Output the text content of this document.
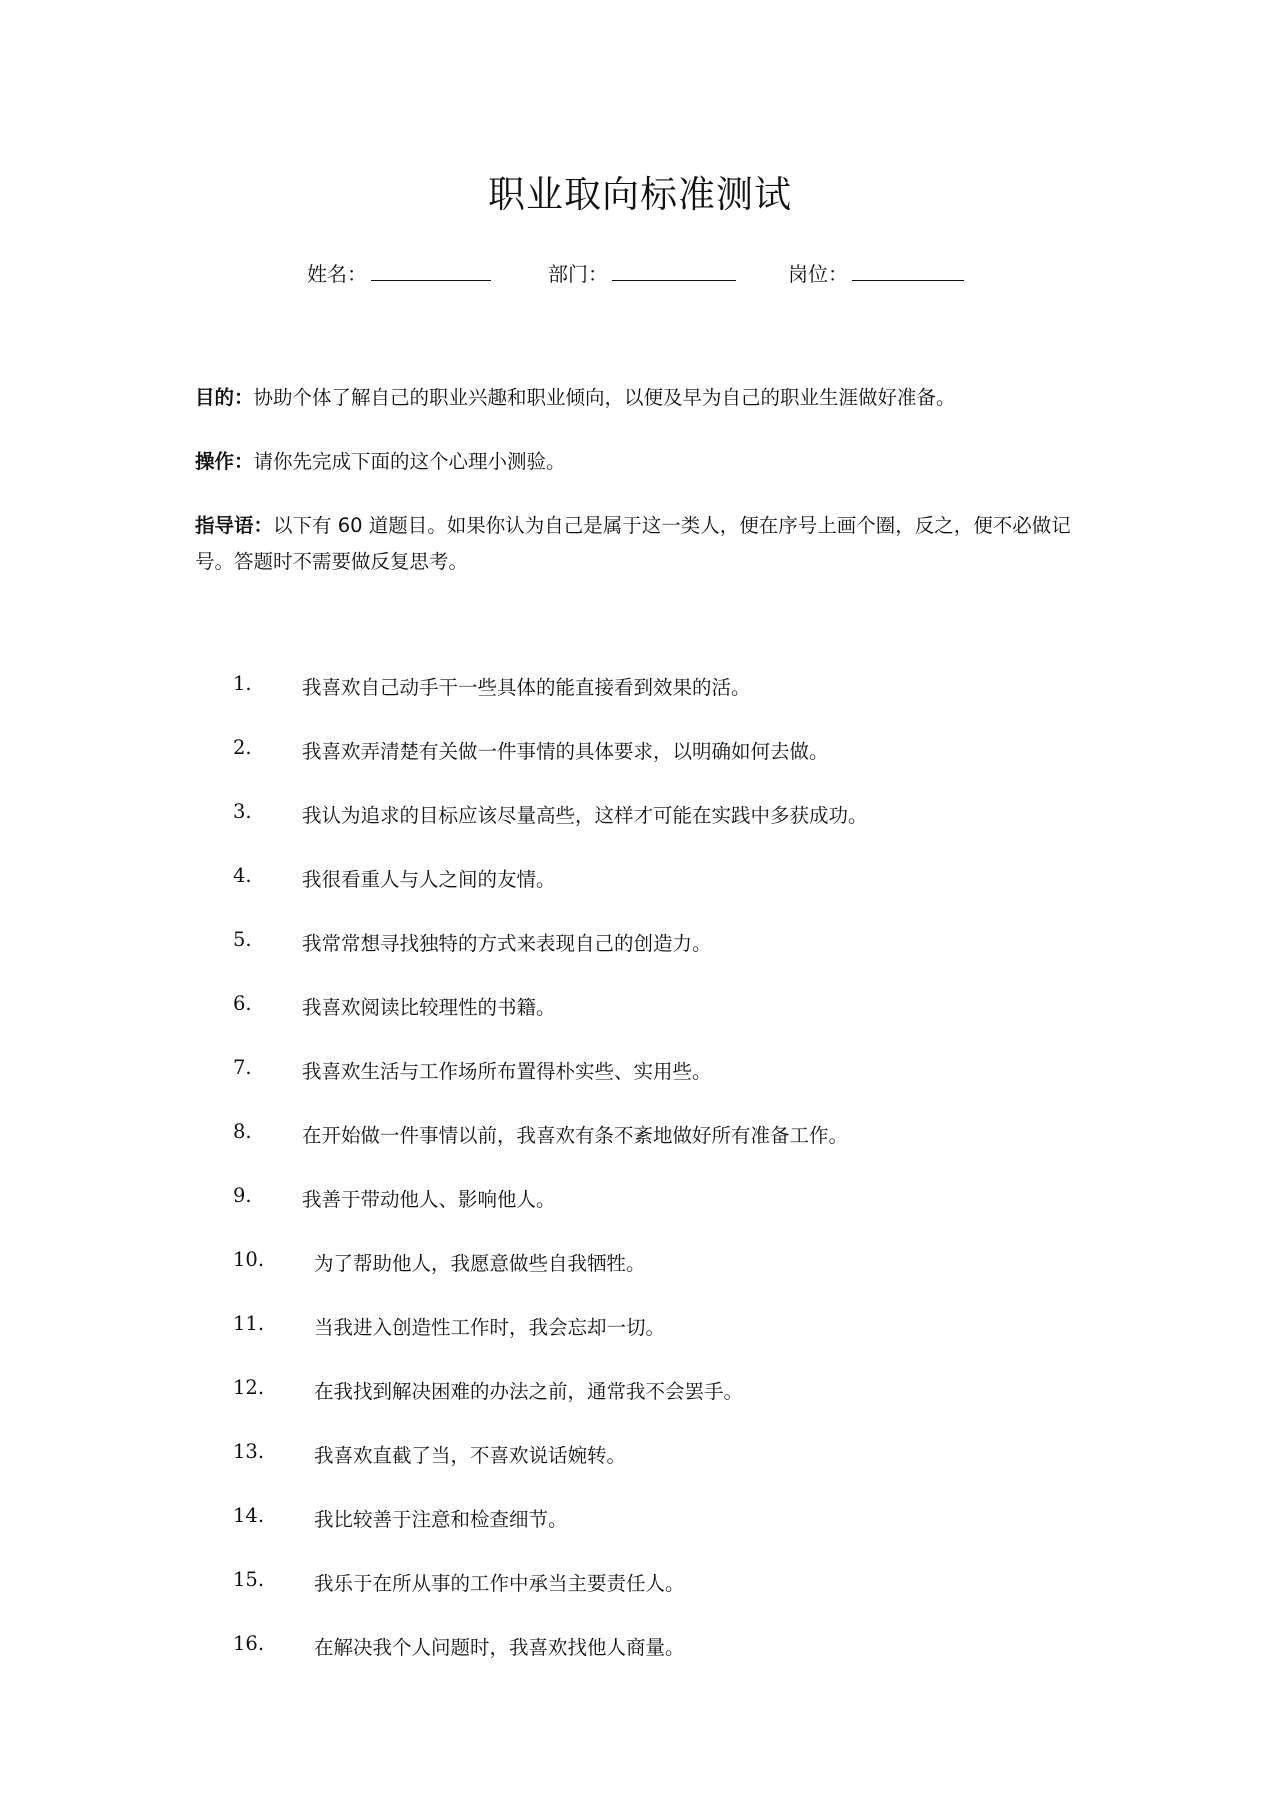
职业取向标准测试
姓名：	部门：	岗位：
目的：协助个体了解自己的职业兴趣和职业倾向，以便及早为自己的职业生涯做好准备。
操作：请你先完成下面的这个心理小测验。
指导语：以下有 60 道题目。如果你认为自己是属于这一类人，便在序号上画个圈，反之，便不必做记号。答题时不需要做反复思考。
1.	我喜欢自己动手干一些具体的能直接看到效果的活。
2.	我喜欢弄清楚有关做一件事情的具体要求，以明确如何去做。
3.	我认为追求的目标应该尽量高些，这样才可能在实践中多获成功。
4.	我很看重人与人之间的友情。
5.	我常常想寻找独特的方式来表现自己的创造力。
6.	我喜欢阅读比较理性的书籍。
7.	我喜欢生活与工作场所布置得朴实些、实用些。
8.	在开始做一件事情以前，我喜欢有条不紊地做好所有准备工作。
9.	我善于带动他人、影响他人。
10.	为了帮助他人，我愿意做些自我牺牲。
11.	当我进入创造性工作时，我会忘却一切。
12.	在我找到解决困难的办法之前，通常我不会罢手。
13.	我喜欢直截了当，不喜欢说话婉转。
14.	我比较善于注意和检查细节。
15.	我乐于在所从事的工作中承当主要责任人。
16.	在解决我个人问题时，我喜欢找他人商量。
